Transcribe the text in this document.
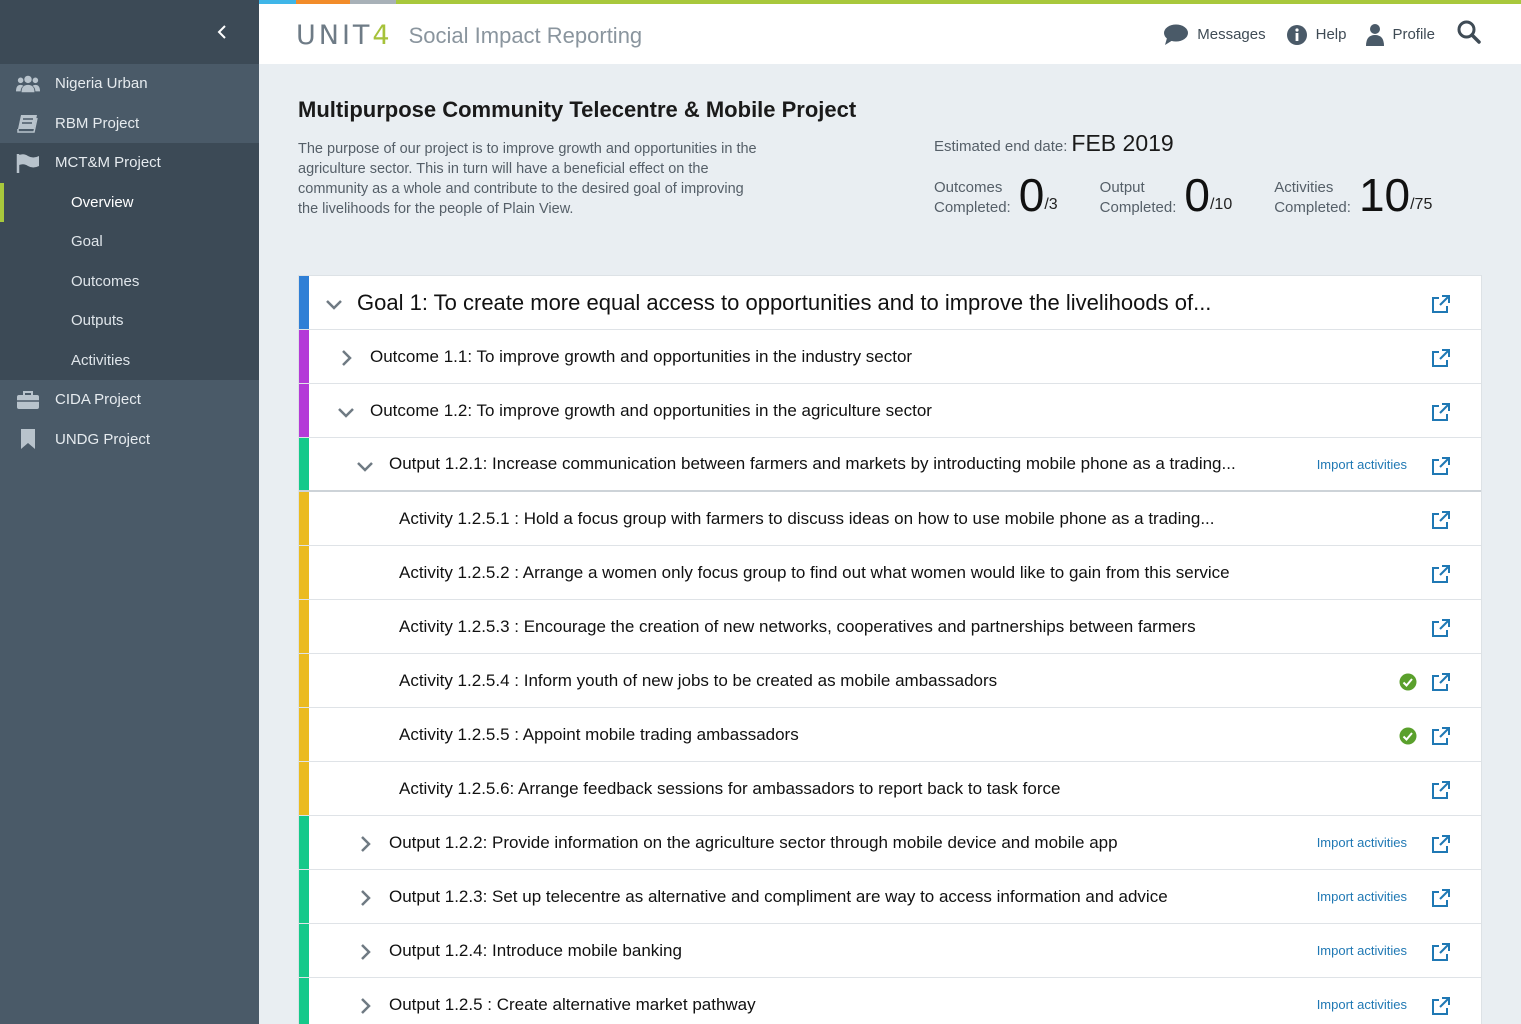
Nigeria Urban
RBM Project
MCT&M Project
Overview
Goal
Outcomes
Outputs
Activities
CIDA Project
UNDG Project
UNIT4 Social Impact Reporting	Messages	Help	Profile
Multipurpose Community Telecentre & Mobile Project

The purpose of our project is to improve growth and opportunities in the agriculture sector. This in turn will have a beneficial effect on the community as a whole and contribute to the desired goal of improving the livelihoods for the people of Plain View.

Estimated end date: FEB 2019
Outcomes
Completed: 0 /3
Output
Completed: 0 /10
Activities
Completed: 10 /75
Goal 1: To create more equal access to opportunities and to improve the livelihoods of...
Outcome 1.1: To improve growth and opportunities in the industry sector
Outcome 1.2: To improve growth and opportunities in the agriculture sector
Output 1.2.1: Increase communication between farmers and markets by introducting mobile phone as a trading...	Import activities
Activity 1.2.5.1 : Hold a focus group with farmers to discuss ideas on how to use mobile phone as a trading...
Activity 1.2.5.2 : Arrange a women only focus group to find out what women would like to gain from this service
Activity 1.2.5.3 : Encourage the creation of new networks, cooperatives and partnerships between farmers
Activity 1.2.5.4 : Inform youth of new jobs to be created as mobile ambassadors
Activity 1.2.5.5 : Appoint mobile trading ambassadors
Activity 1.2.5.6: Arrange feedback sessions for ambassadors to report back to task force
Output 1.2.2: Provide information on the agriculture sector through mobile device and mobile app	Import activities
Output 1.2.3: Set up telecentre as alternative and compliment are way to access information and advice	Import activities
Output 1.2.4: Introduce mobile banking	Import activities
Output 1.2.5 : Create alternative market pathway	Import activities
